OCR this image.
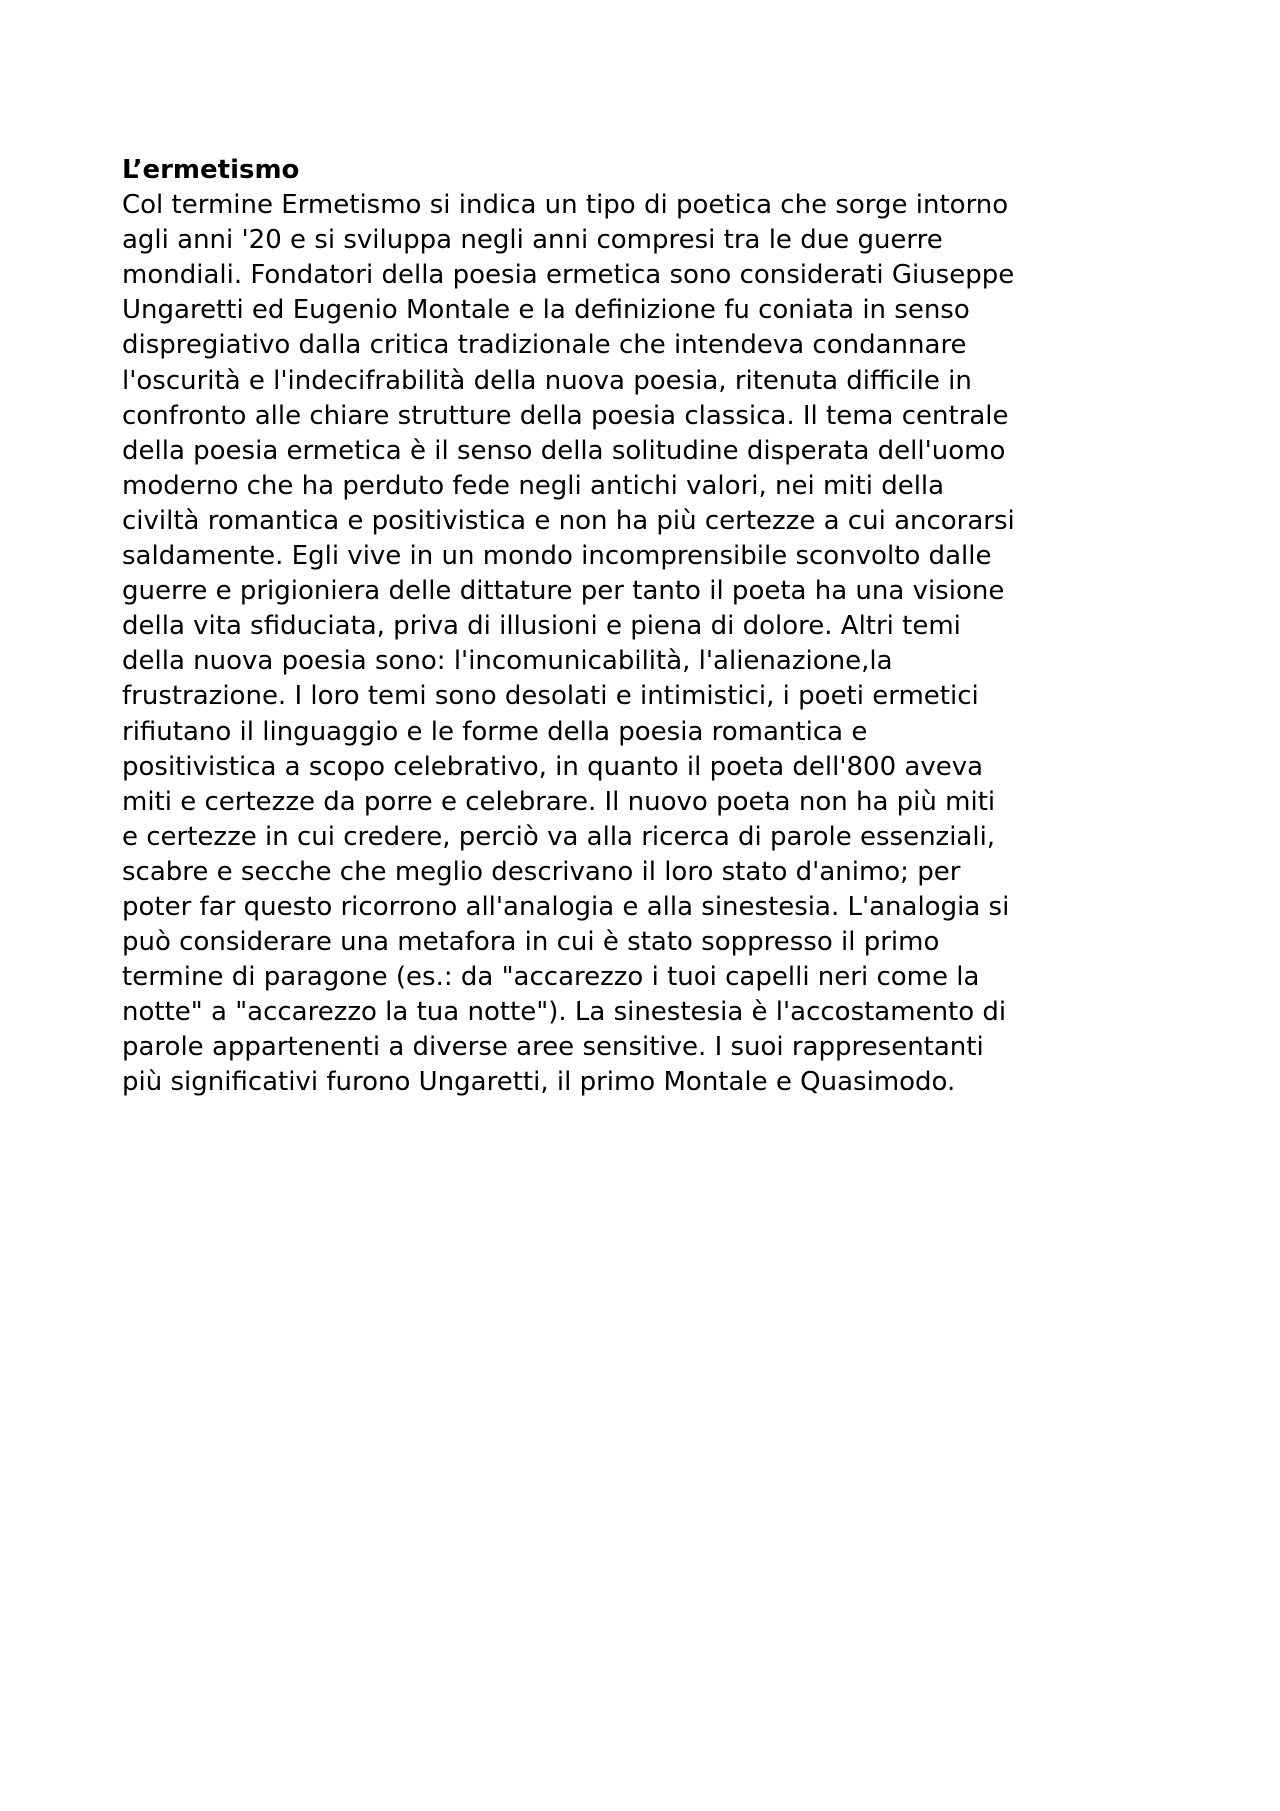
L’ermetismo

Col termine Ermetismo si indica un tipo di poetica che sorge intorno
agli anni '20 e si sviluppa negli anni compresi tra le due guerre
mondiali. Fondatori della poesia ermetica sono considerati Giuseppe
Ungaretti ed Eugenio Montale e la definizione fu coniata in senso
dispregiativo dalla critica tradizionale che intendeva condannare
l'oscurità e l'indecifrabilità della nuova poesia, ritenuta difficile in
confronto alle chiare strutture della poesia classica. Il tema centrale
della poesia ermetica è il senso della solitudine disperata dell'uomo
moderno che ha perduto fede negli antichi valori, nei miti della
civiltà romantica e positivistica e non ha più certezze a cui ancorarsi
saldamente. Egli vive in un mondo incomprensibile sconvolto dalle
guerre e prigioniera delle dittature per tanto il poeta ha una visione
della vita sfiduciata, priva di illusioni e piena di dolore. Altri temi
della nuova poesia sono: l'incomunicabilità, l'alienazione,la
frustrazione. I loro temi sono desolati e intimistici, i poeti ermetici
rifiutano il linguaggio e le forme della poesia romantica e
positivistica a scopo celebrativo, in quanto il poeta dell'800 aveva
miti e certezze da porre e celebrare. Il nuovo poeta non ha più miti
e certezze in cui credere, perciò va alla ricerca di parole essenziali,
scabre e secche che meglio descrivano il loro stato d'animo; per
poter far questo ricorrono all'analogia e alla sinestesia. L'analogia si
può considerare una metafora in cui è stato soppresso il primo
termine di paragone (es.: da "accarezzo i tuoi capelli neri come la
notte" a "accarezzo la tua notte"). La sinestesia è l'accostamento di
parole appartenenti a diverse aree sensitive. I suoi rappresentanti
più significativi furono Ungaretti, il primo Montale e Quasimodo.
